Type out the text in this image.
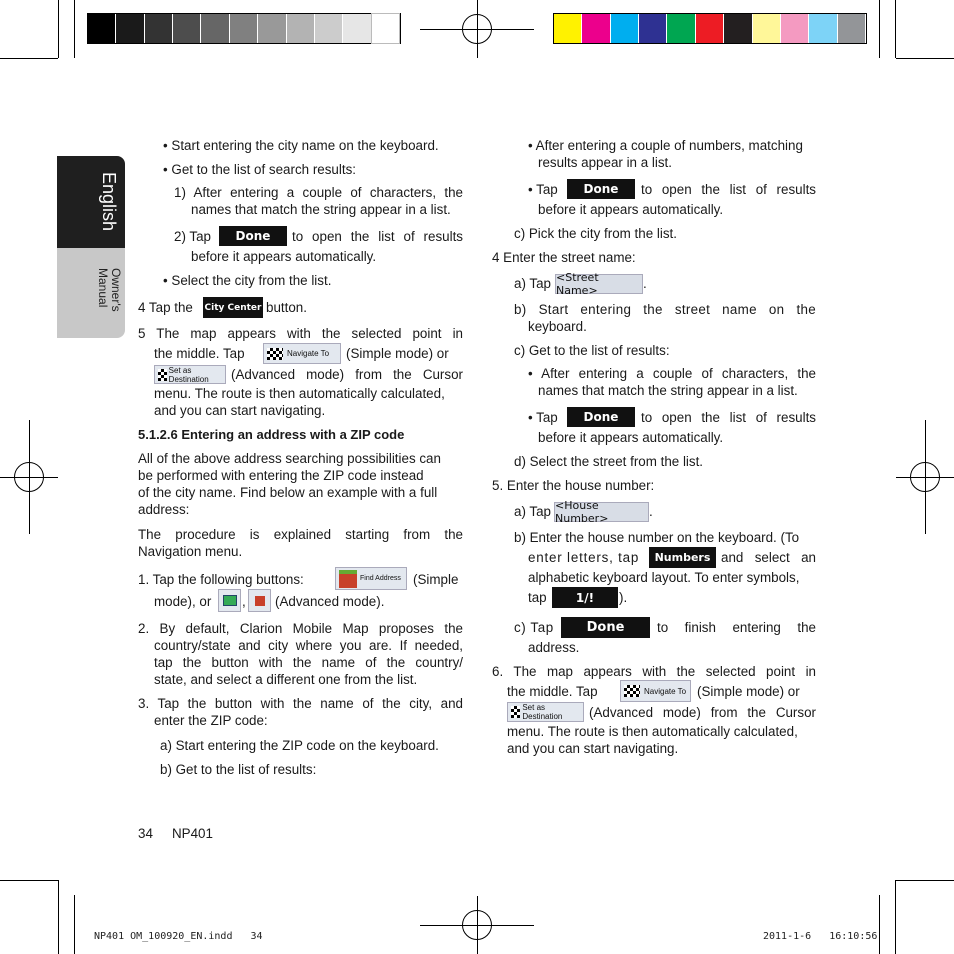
English
Owner's
Manual
• Start entering the city name on the keyboard.
• Get to the list of search results:
1) After entering a couple of characters, the
names that match the string appear in a list.
2) Tap	Done	to open the list of results
before it appears automatically.
• Select the city from the list.
4 Tap the City Center button.
5 The map appears with the selected point in
the middle. Tap	Navigate To (Simple mode) or
Set as Destination	(Advanced mode) from the Cursor
menu. The route is then automatically calculated,
and you can start navigating.
5.1.2.6 Entering an address with a ZIP code
All of the above address searching possibilities can
be performed with entering the ZIP code instead
of the city name. Find below an example with a full
address:
The procedure is explained starting from the
Navigation menu.
1. Tap the following buttons:	Find Address (Simple
mode), or , (Advanced mode).
2. By default, Clarion Mobile Map proposes the
country/state and city where you are. If needed,
tap the button with the name of the country/
state, and select a different one from the list.
3. Tap the button with the name of the city, and
enter the ZIP code:
a) Start entering the ZIP code on the keyboard.
b) Get to the list of results:
• After entering a couple of numbers, matching
results appear in a list.
• Tap	Done	to open the list of results
before it appears automatically.
c) Pick the city from the list.
4 Enter the street name:
a) Tap <Street Name>	.
b) Start entering the street name on the
keyboard.
c) Get to the list of results:
• After entering a couple of characters, the
names that match the string appear in a list.
• Tap	Done	to open the list of results
before it appears automatically.
d) Select the street from the list.
5. Enter the house number:
a) Tap <House Number>	.
b) Enter the house number on the keyboard. (To
enter letters, tap	Numbers and select an
alphabetic keyboard layout. To enter symbols,
tap	1/!	).
c) Tap	Done	to finish entering the
address.
6. The map appears with the selected point in
the middle. Tap	Navigate To (Simple mode) or
Set as Destination	(Advanced mode) from the Cursor
menu. The route is then automatically calculated,
and you can start navigating.
34 NP401
NP401 OM_100920_EN.indd   34	2011-1-6   16:10:56
